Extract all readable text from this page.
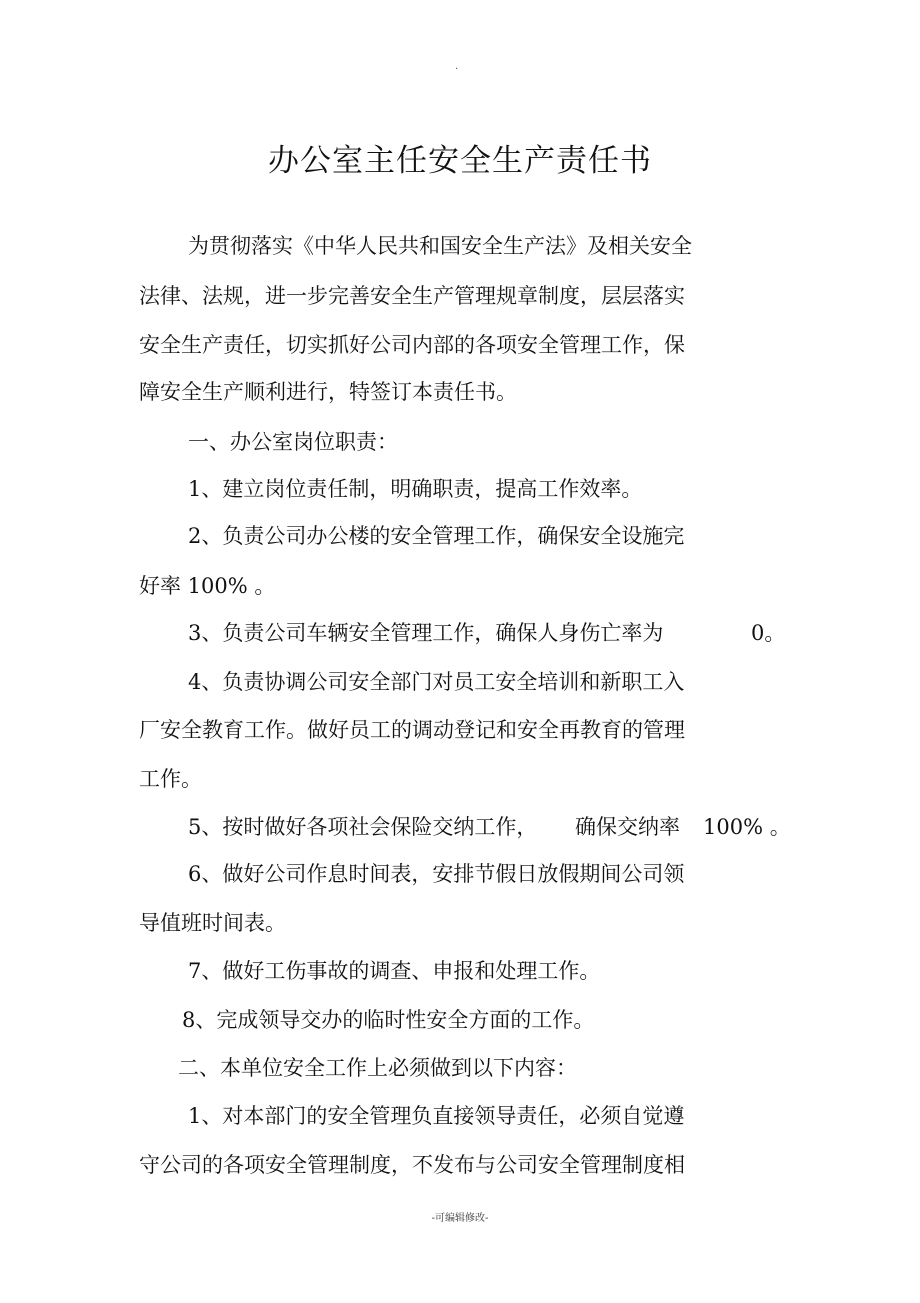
.
办公室主任安全生产责任书
为贯彻落实《中华人民共和国安全生产法》及相关安全
法律、法规，进一步完善安全生产管理规章制度，层层落实
安全生产责任，切实抓好公司内部的各项安全管理工作，保
障安全生产顺利进行，特签订本责任书。
一、办公室岗位职责：
1、建立岗位责任制，明确职责，提高工作效率。
2、负责公司办公楼的安全管理工作，确保安全设施完
好率 100% 。
3、负责公司车辆安全管理工作，确保人身伤亡率为	0。
4、负责协调公司安全部门对员工安全培训和新职工入
厂安全教育工作。做好员工的调动登记和安全再教育的管理
工作。
5、按时做好各项社会保险交纳工作， 确保交纳率 100% 。
6、做好公司作息时间表，安排节假日放假期间公司领
导值班时间表。
7、做好工伤事故的调查、申报和处理工作。
8、完成领导交办的临时性安全方面的工作。
二、本单位安全工作上必须做到以下内容：
1、对本部门的安全管理负直接领导责任，必须自觉遵
守公司的各项安全管理制度，不发布与公司安全管理制度相
-可编辑修改-
